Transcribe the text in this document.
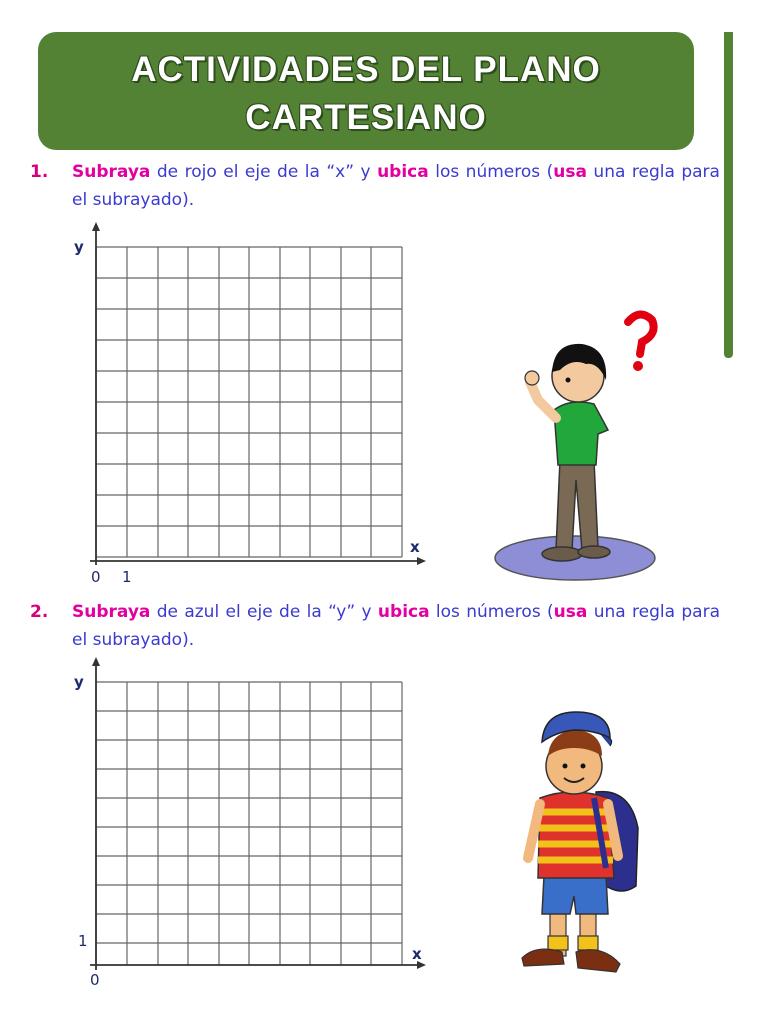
ACTIVIDADES DEL PLANO
CARTESIANO
1. Subraya de rojo el eje de la “x” y ubica los números (usa una regla para el subrayado).
y
x
0 1
2. Subraya de azul el eje de la “y” y ubica los números (usa una regla para el subrayado).
y
x
1
0
